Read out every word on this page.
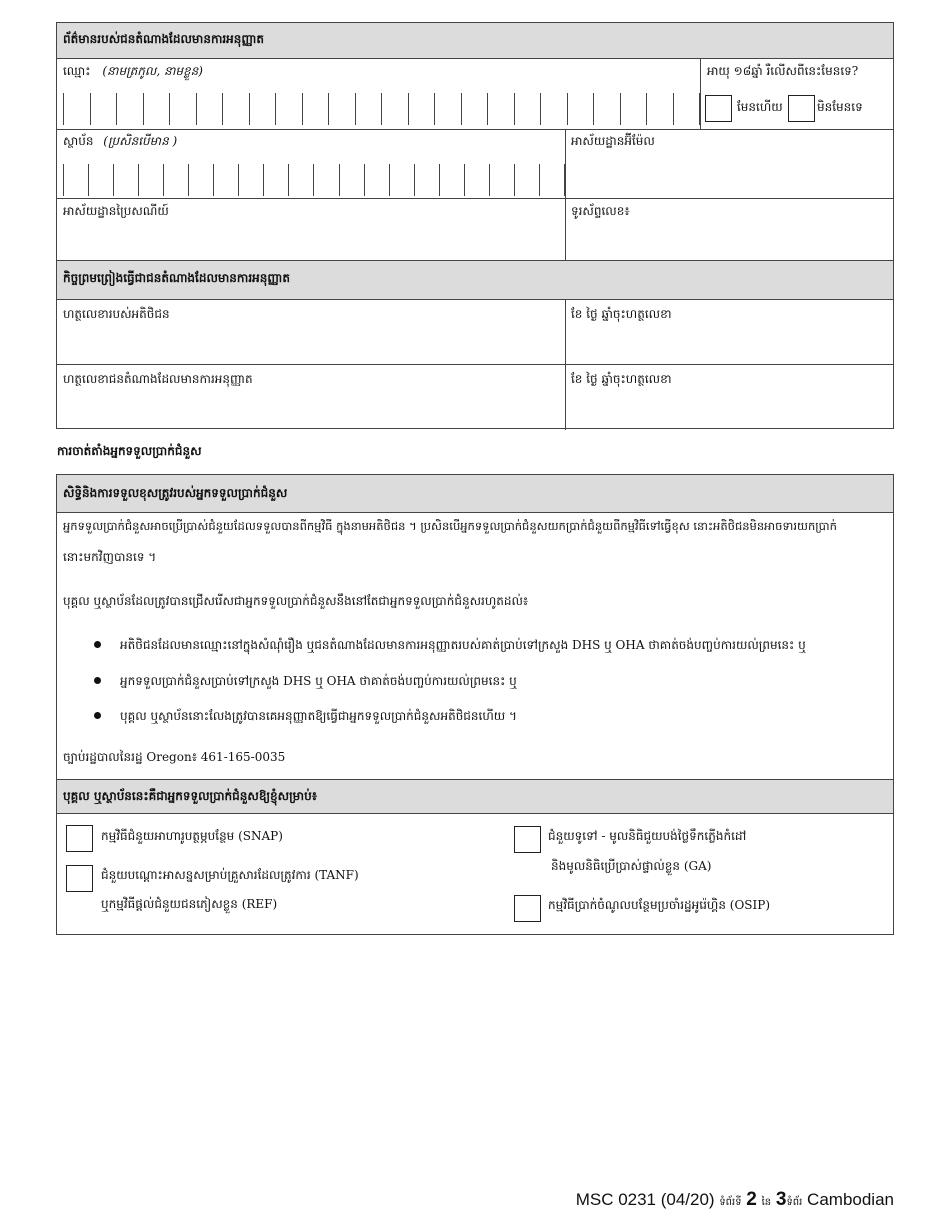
ព័ត៌មានរបស់ជនតំណាងដែលមានការអនុញ្ញាត
ឈ្មោះ (នាមត្រកូល, នាមខ្លួន)	អាយុ ១៨ឆ្នាំ រឺលើសពីនេះមែនទេ?
មែនហើយ	មិនមែនទេ
ស្ថាប័ន (ប្រសិនបើមាន )	អាស័យដ្ឋានអ៊ីម៉ែល
អាស័យដ្ឋានប្រៃសណីយ៍	ទូរស័ព្ទលេខ៖
កិច្ចព្រមព្រៀងធ្វើជាជនតំណាងដែលមានការអនុញ្ញាត
ហត្ថលេខារបស់អតិថិជន	ខែ ថ្ងៃ ឆ្នាំចុះហត្ថលេខា
ហត្ថលេខាជនតំណាងដែលមានការអនុញ្ញាត	ខែ ថ្ងៃ ឆ្នាំចុះហត្ថលេខា
ការចាត់តាំងអ្នកទទួលប្រាក់ជំនួស
សិទ្ធិនិងការទទួលខុសត្រូវរបស់អ្នកទទួលប្រាក់ជំនួស
អ្នកទទួលប្រាក់ជំនួសអាចប្រើប្រាស់ជំនួយដែលទទួលបានពីកម្មវិធី ក្នុងនាមអតិថិជន ។ ប្រសិនបើអ្នកទទួលប្រាក់ជំនួសយកប្រាក់ជំនួយពីកម្មវិធីទៅធ្វើខុស នោះអតិថិជនមិនអាចទារយកប្រាក់
នោះមកវិញបានទេ ។
បុគ្គល ឬស្ថាប័នដែលត្រូវបានជ្រើសរើសជាអ្នកទទួលប្រាក់ជំនួសនឹងនៅតែជាអ្នកទទួលប្រាក់ជំនួសរហូតដល់៖
អតិថិជនដែលមានឈ្មោះនៅក្នុងសំណុំរឿង ឬជនតំណាងដែលមានការអនុញ្ញាតរបស់គាត់ប្រាប់ទៅក្រសួង DHS ឬ OHA ថាគាត់ចង់បញ្ចប់ការយល់ព្រមនេះ ឬ
អ្នកទទួលប្រាក់ជំនួសប្រាប់ទៅក្រសួង DHS ឬ OHA ថាគាត់ចង់បញ្ចប់ការយល់ព្រមនេះ ឬ
បុគ្គល ឬស្ថាប័ននោះលែងត្រូវបានគេអនុញ្ញាតឱ្យធ្វើជាអ្នកទទួលប្រាក់ជំនួសអតិថិជនហើយ ។
ច្បាប់រដ្ឋបាលនៃរដ្ឋ Oregon៖ 461-165-0035
បុគ្គល ឬស្ថាប័ននេះគឺជាអ្នកទទួលប្រាក់ជំនួសឱ្យខ្ញុំសម្រាប់៖
កម្មវិធីជំនួយអាហារូបត្ថម្ភបន្ថែម (SNAP)
ជំនួយបណ្តោះអាសន្នសម្រាប់គ្រួសារដែលត្រូវការ (TANF)
ឬកម្មវិធីផ្តល់ជំនួយជនភៀសខ្លួន (REF)
ជំនួយទូទៅ - មូលនិធិជួយបង់ថ្លៃទឹកភ្លើងកំដៅ
និងមូលនិធិប្រើប្រាស់ផ្ទាល់ខ្លួន (GA)
កម្មវិធីប្រាក់ចំណូលបន្ថែមប្រចាំរដ្ឋអូរ៉េហ្គិន (OSIP)
MSC 0231 (04/20) ទំព័រទី 2 នៃ 3ទំព័រ Cambodian
